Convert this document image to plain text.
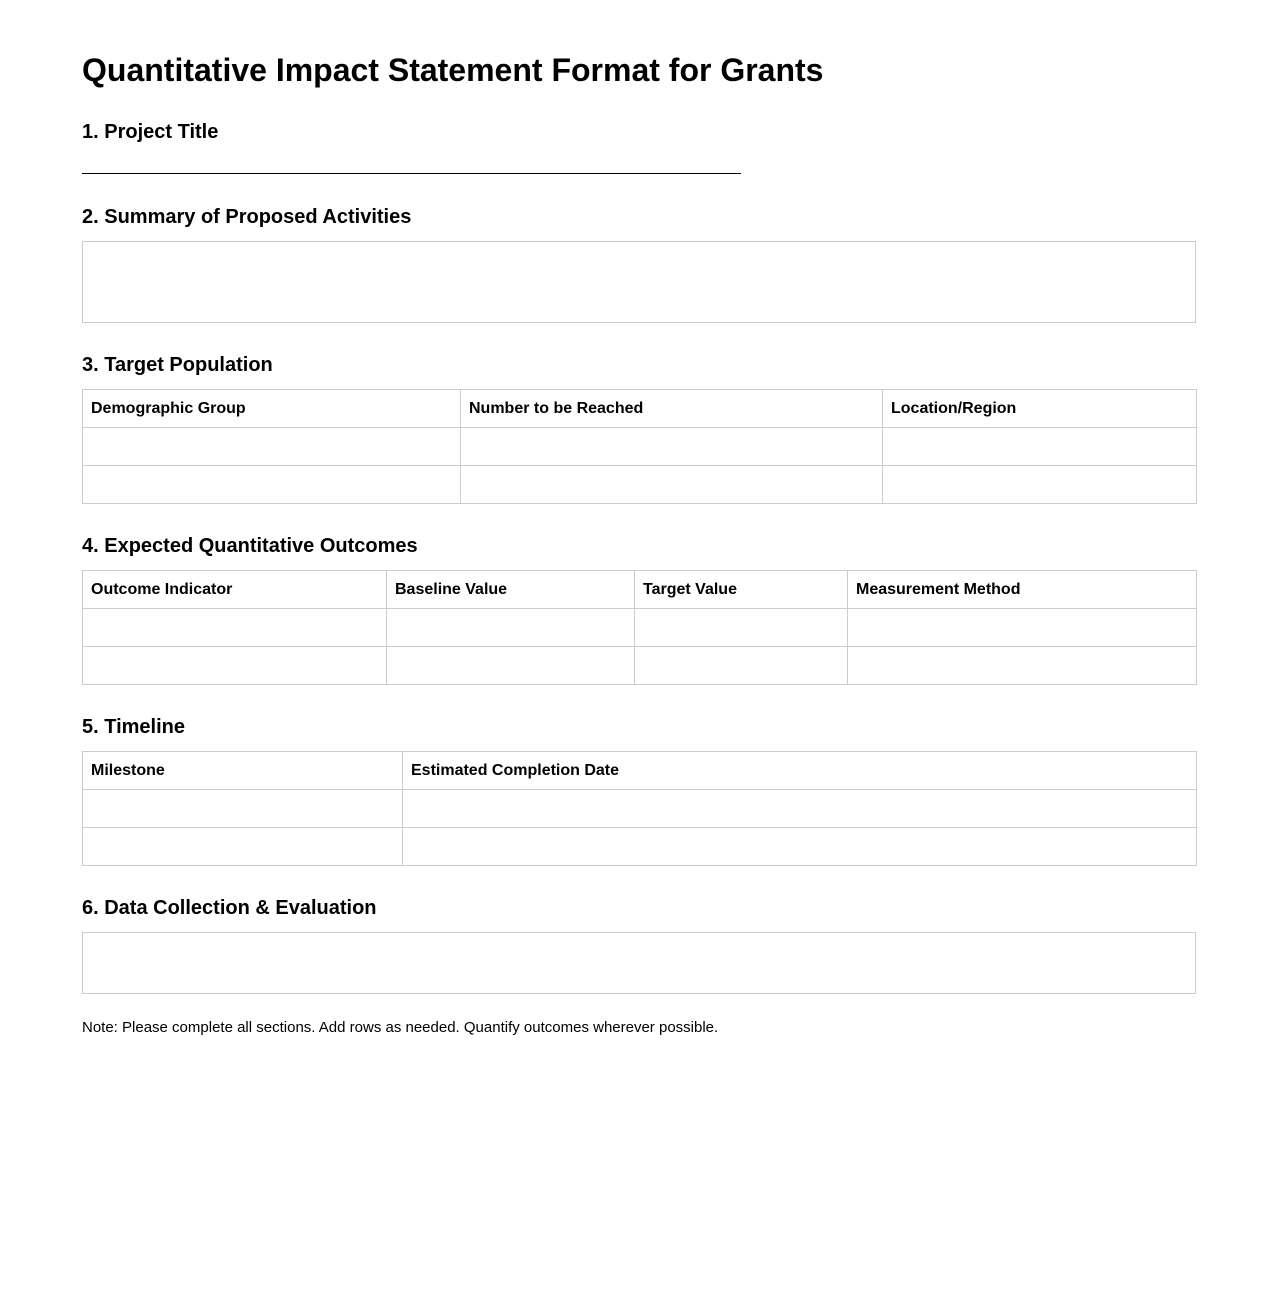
Quantitative Impact Statement Format for Grants
1. Project Title
2. Summary of Proposed Activities
3. Target Population
Demographic Group	Number to be Reached	Location/Region

4. Expected Quantitative Outcomes
Outcome Indicator	Baseline Value	Target Value	Measurement Method

5. Timeline
Milestone	Estimated Completion Date

6. Data Collection & Evaluation
Note: Please complete all sections. Add rows as needed. Quantify outcomes wherever possible.
